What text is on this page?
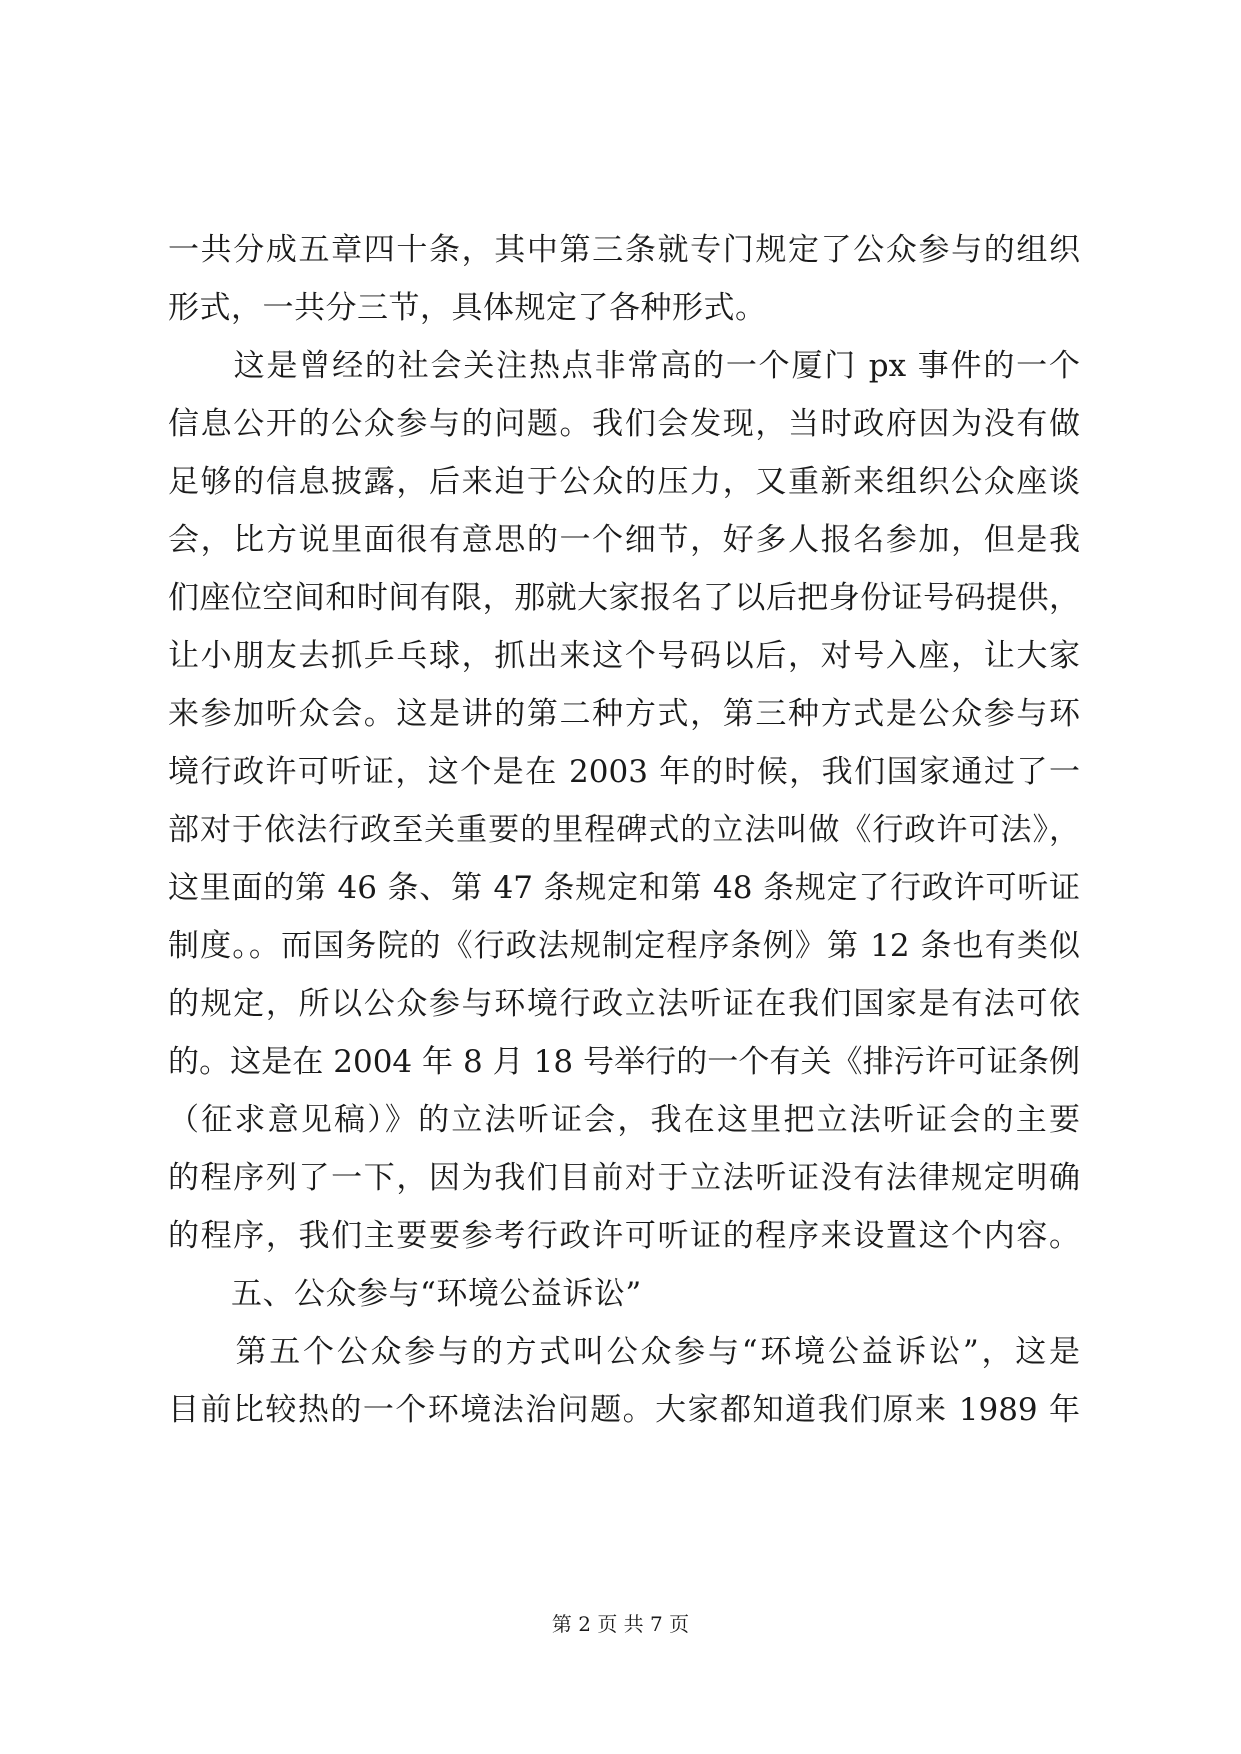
一共分成五章四十条，其中第三条就专门规定了公众参与的组织
形式，一共分三节，具体规定了各种形式。
　　这是曾经的社会关注热点非常高的一个厦门 px 事件的一个
信息公开的公众参与的问题。我们会发现，当时政府因为没有做
足够的信息披露，后来迫于公众的压力，又重新来组织公众座谈
会，比方说里面很有意思的一个细节，好多人报名参加，但是我
们座位空间和时间有限，那就大家报名了以后把身份证号码提供，
让小朋友去抓乒乓球，抓出来这个号码以后，对号入座，让大家
来参加听众会。这是讲的第二种方式，第三种方式是公众参与环
境行政许可听证，这个是在 2003 年的时候，我们国家通过了一
部对于依法行政至关重要的里程碑式的立法叫做《行政许可法》，
这里面的第 46 条、第 47 条规定和第 48 条规定了行政许可听证
制度。。而国务院的《行政法规制定程序条例》第 12 条也有类似
的规定，所以公众参与环境行政立法听证在我们国家是有法可依
的。这是在 2004 年 8 月 18 号举行的一个有关《排污许可证条例
（征求意见稿）》的立法听证会，我在这里把立法听证会的主要
的程序列了一下，因为我们目前对于立法听证没有法律规定明确
的程序，我们主要要参考行政许可听证的程序来设置这个内容。
　　五、公众参与“环境公益诉讼”
　　第五个公众参与的方式叫公众参与“环境公益诉讼”，这是
目前比较热的一个环境法治问题。大家都知道我们原来 1989 年
第 2 页 共 7 页
